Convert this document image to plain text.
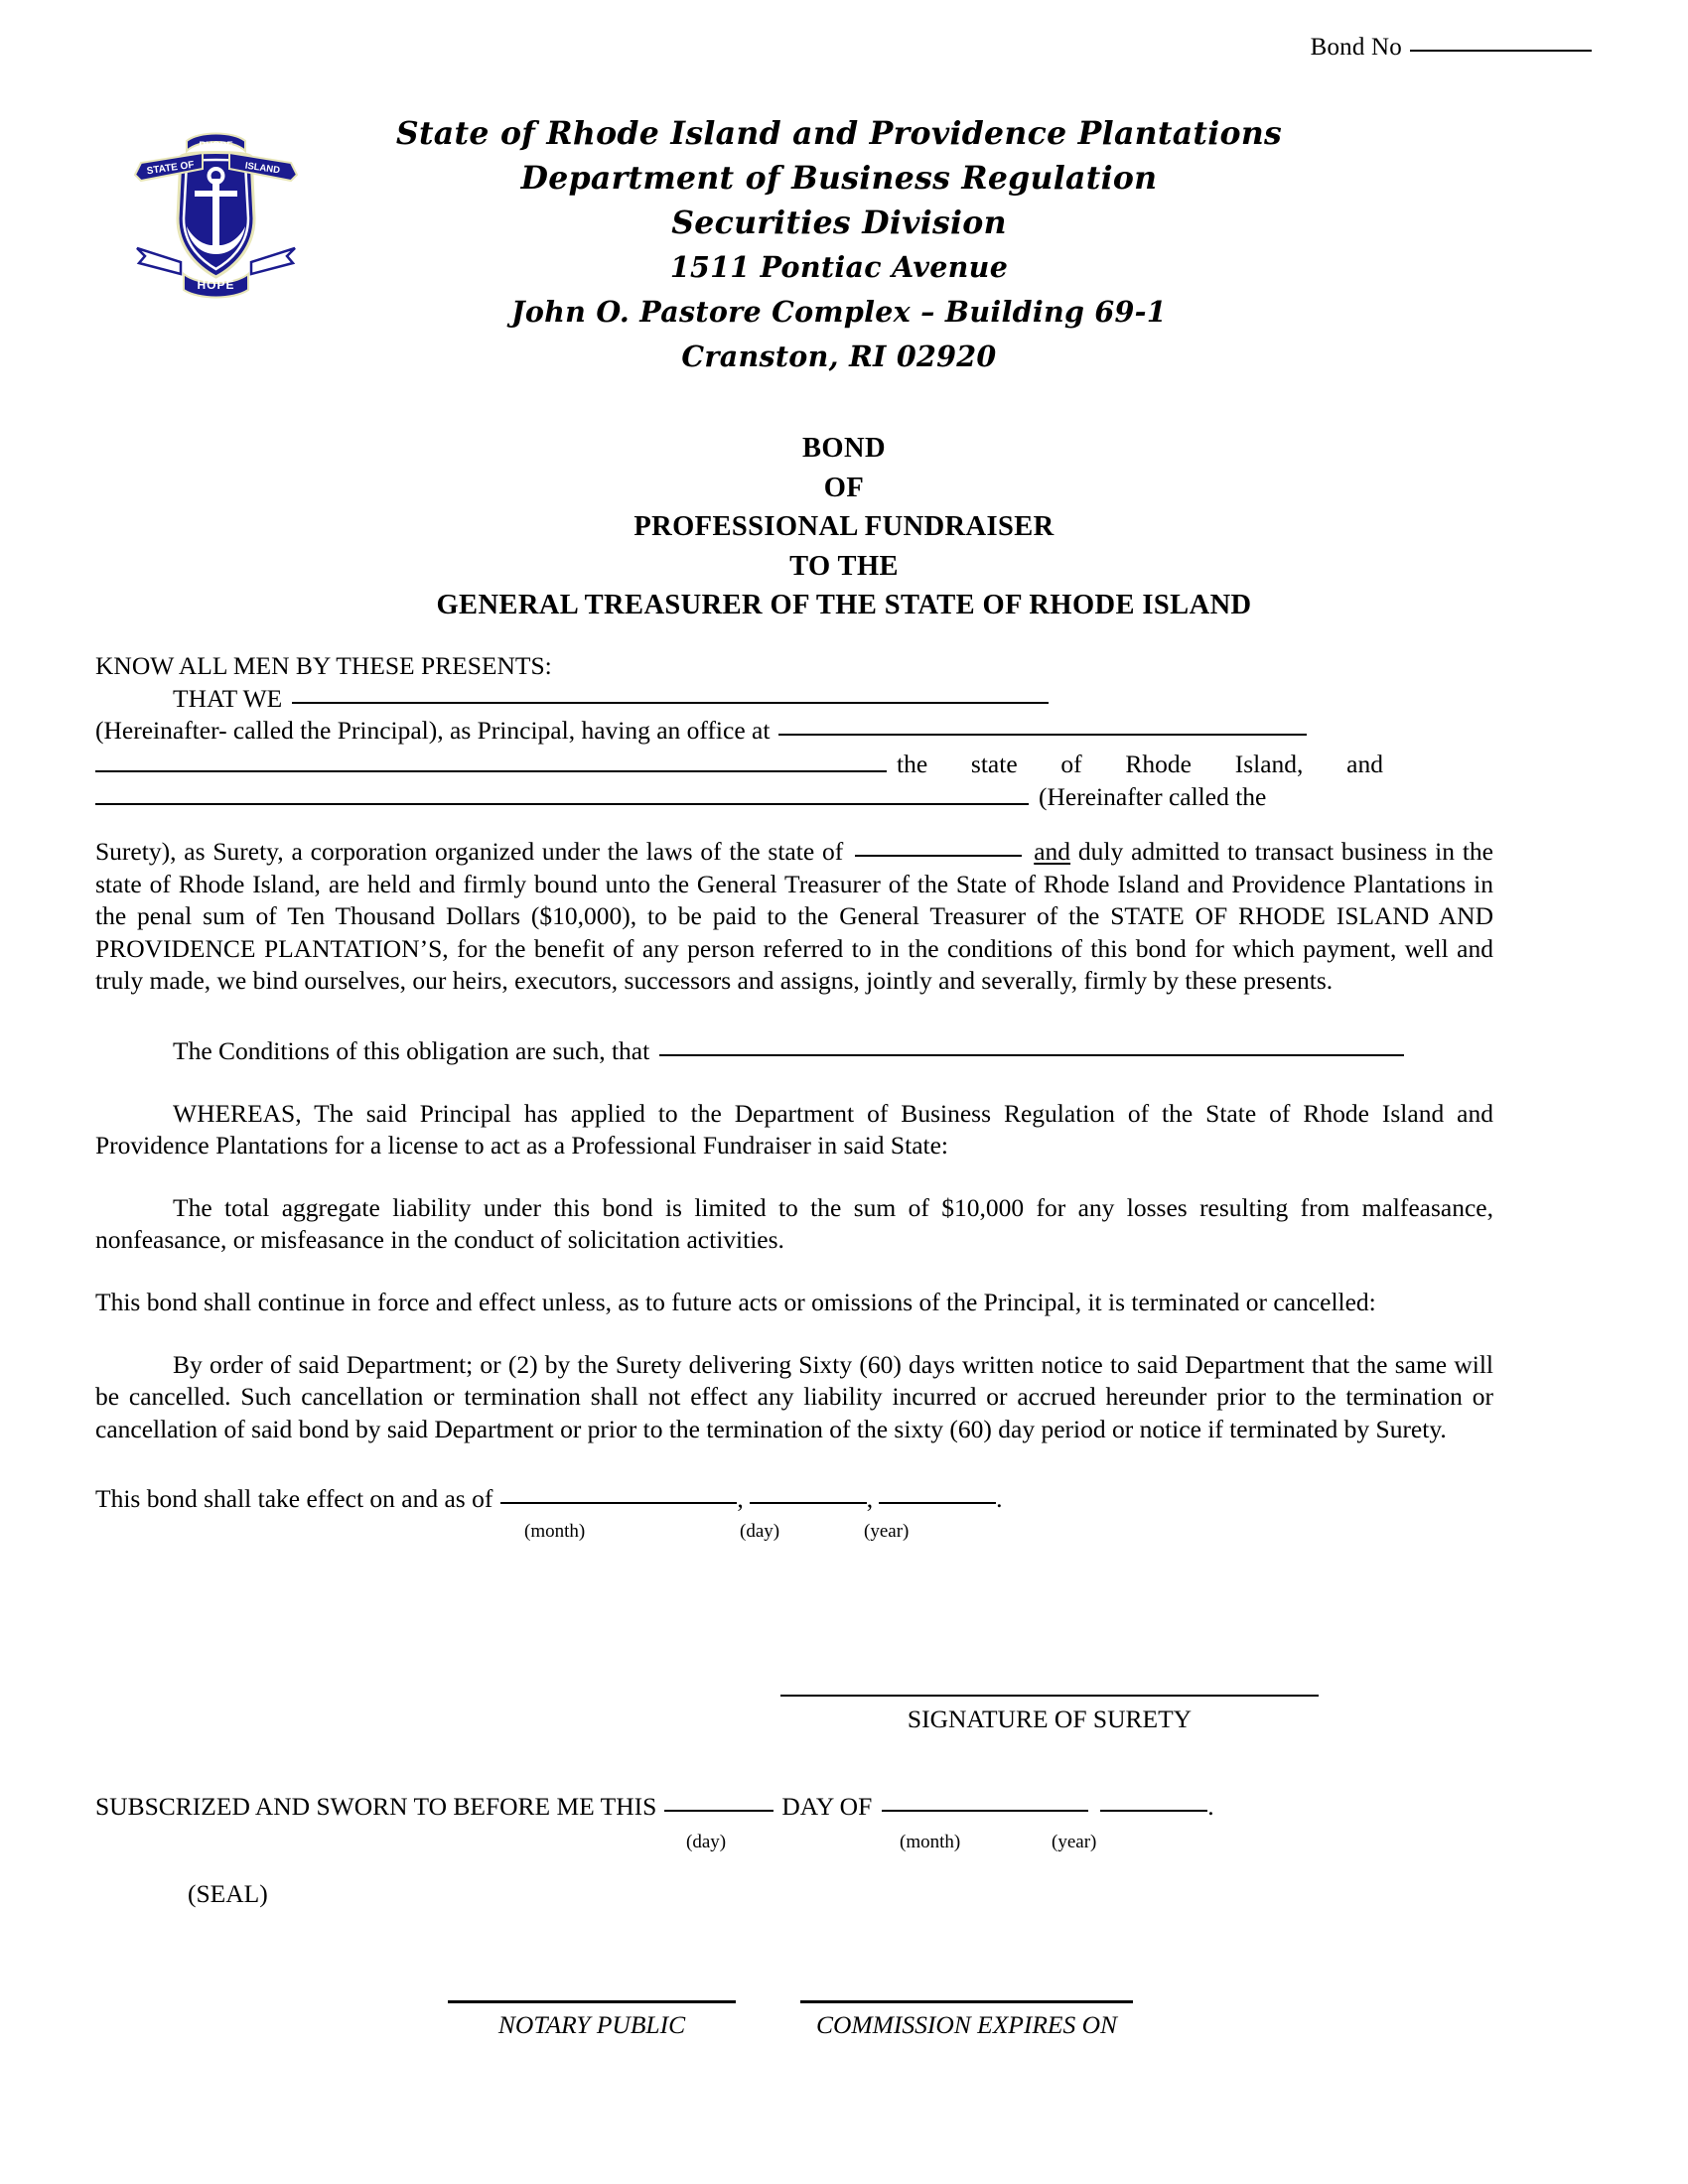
Bond No
STATE OF	ISLAND
RHODE
HOPE
State of Rhode Island and Providence Plantations
Department of Business Regulation
Securities Division
1511 Pontiac Avenue
John O. Pastore Complex – Building 69-1
Cranston, RI 02920
BOND
OF
PROFESSIONAL FUNDRAISER
TO THE
GENERAL TREASURER OF THE STATE OF RHODE ISLAND

KNOW ALL MEN BY THESE PRESENTS:

THAT WE

(Hereinafter- called the Principal), as Principal, having an office at

the state of Rhode Island, and
(Hereinafter called the

Surety), as Surety, a corporation organized under the laws of the state of	and duly admitted to transact business in the state of Rhode Island, are held and firmly bound unto the General Treasurer of the State of Rhode Island and Providence Plantations in the penal sum of Ten Thousand Dollars ($10,000), to be paid to the General Treasurer of the STATE OF RHODE ISLAND AND PROVIDENCE PLANTATION’S, for the benefit of any person referred to in the conditions of this bond for which payment, well and truly made, we bind ourselves, our heirs, executors, successors and assigns, jointly and severally, firmly by these presents.

The Conditions of this obligation are such, that

WHEREAS, The said Principal has applied to the Department of Business Regulation of the State of Rhode Island and Providence Plantations for a license to act as a Professional Fundraiser in said State:

The total aggregate liability under this bond is limited to the sum of $10,000 for any losses resulting from malfeasance, nonfeasance, or misfeasance in the conduct of solicitation activities.

This bond shall continue in force and effect unless, as to future acts or omissions of the Principal, it is terminated or cancelled:

By order of said Department; or (2) by the Surety delivering Sixty (60) days written notice to said Department that the same will be cancelled. Such cancellation or termination shall not effect any liability incurred or accrued hereunder prior to the termination or cancellation of said bond by said Department or prior to the termination of the sixty (60) day period or notice if terminated by Surety.

This bond shall take effect on and as of	,	,	.

(month)	(day)	(year)
SIGNATURE OF SURETY
SUBSCRIZED AND SWORN TO BEFORE ME THIS	DAY OF	.
(day)	(month)	(year)
(SEAL)
NOTARY PUBLIC	COMMISSION EXPIRES ON
